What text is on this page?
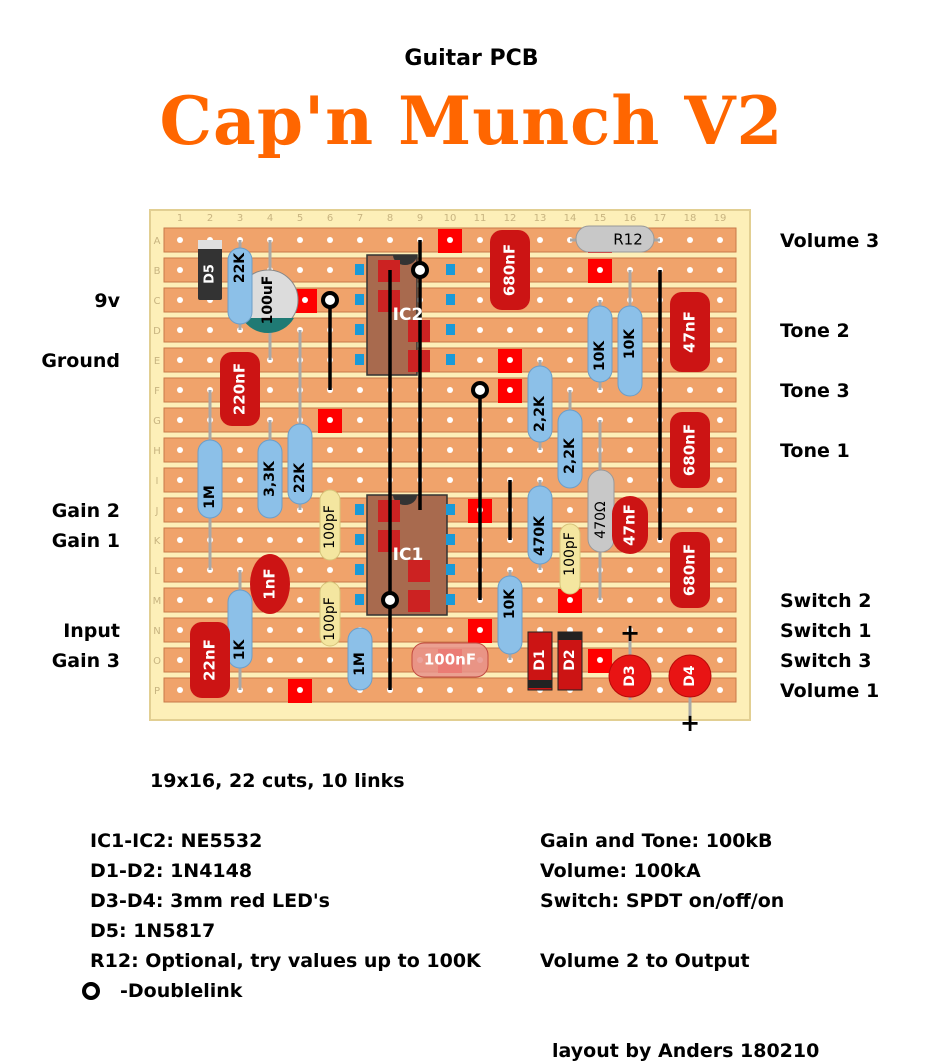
Guitar PCB
Cap'n Munch V2
1 2 3 4 5 6 7 8 9 10 11 12 13 14 15 16 17 18 19
A
B
C
D
E
F
G
H
I
J
K
L
M
N
O
P
D5
100uF
22K
10K 10K
2,2K
2,2K
1M
3,3K 22K
470K
1K
1M
10K
R12
470Ω
100pF
100pF
100pF
680nF
47nF
220nF
680nF
47nF
1nF	680nF
22nF	100nF	D1 D2
D3	D4
+
+
IC2
IC1
9v
Ground
Gain 2
Gain 1
Input
Gain 3
Volume 3
Tone 2
Tone 3
Tone 1
Switch 2
Switch 1
Switch 3
Volume 1
19x16, 22 cuts, 10 links
IC1-IC2: NE5532
D1-D2: 1N4148
D3-D4: 3mm red LED's
D5: 1N5817
R12: Optional, try values up to 100K
Gain and Tone: 100kB
Volume: 100kA
Switch: SPDT on/off/on
Volume 2 to Output
-Doublelink
layout by Anders 180210
